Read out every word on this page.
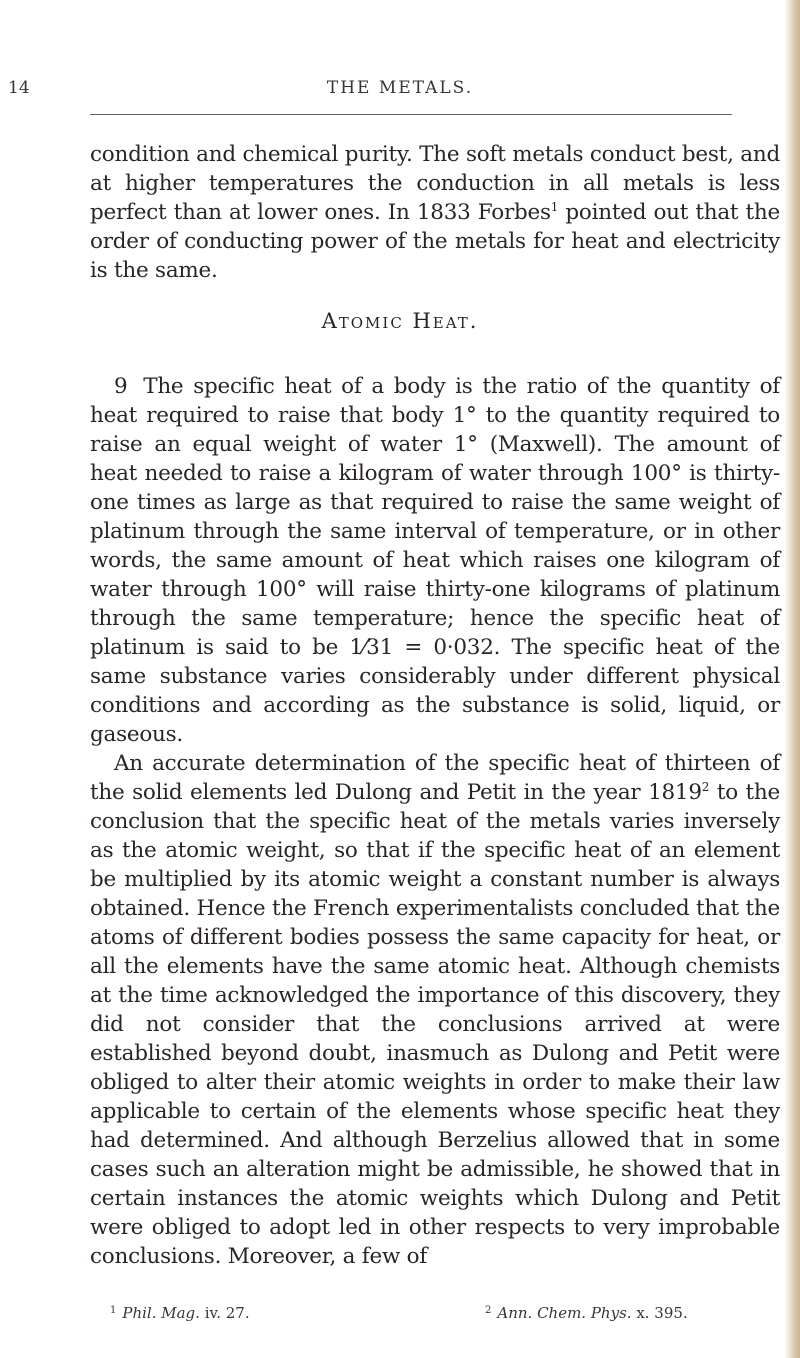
14	THE METALS.

condition and chemical purity. The soft metals conduct best, and at higher temperatures the conduction in all metals is less perfect than at lower ones. In 1833 Forbes$^1$ pointed out that the order of conducting power of the metals for heat and electricity is the same.

Atomic Heat.

9 The specific heat of a body is the ratio of the quantity of heat required to raise that body 1° to the quantity required to raise an equal weight of water 1° (Maxwell). The amount of heat needed to raise a kilogram of water through 100° is thirty-one times as large as that required to raise the same weight of platinum through the same interval of temperature, or in other words, the same amount of heat which raises one kilogram of water through 100° will raise thirty-one kilograms of platinum through the same temperature; hence the specific heat of platinum is said to be 1⁄31 = 0·032. The specific heat of the same substance varies considerably under different physical conditions and according as the substance is solid, liquid, or gaseous.

An accurate determination of the specific heat of thirteen of the solid elements led Dulong and Petit in the year 1819$^2$ to the conclusion that the specific heat of the metals varies inversely as the atomic weight, so that if the specific heat of an element be multiplied by its atomic weight a constant number is always obtained. Hence the French experimentalists concluded that the atoms of different bodies possess the same capacity for heat, or all the elements have the same atomic heat. Although chemists at the time acknowledged the importance of this discovery, they did not consider that the conclusions arrived at were established beyond doubt, inasmuch as Dulong and Petit were obliged to alter their atomic weights in order to make their law applicable to certain of the elements whose specific heat they had determined. And although Berzelius allowed that in some cases such an alteration might be admissible, he showed that in certain instances the atomic weights which Dulong and Petit were obliged to adopt led in other respects to very improbable conclusions. Moreover, a few of

$^1$ Phil. Mag. iv. 27.	$^2$ Ann. Chem. Phys. x. 395.
